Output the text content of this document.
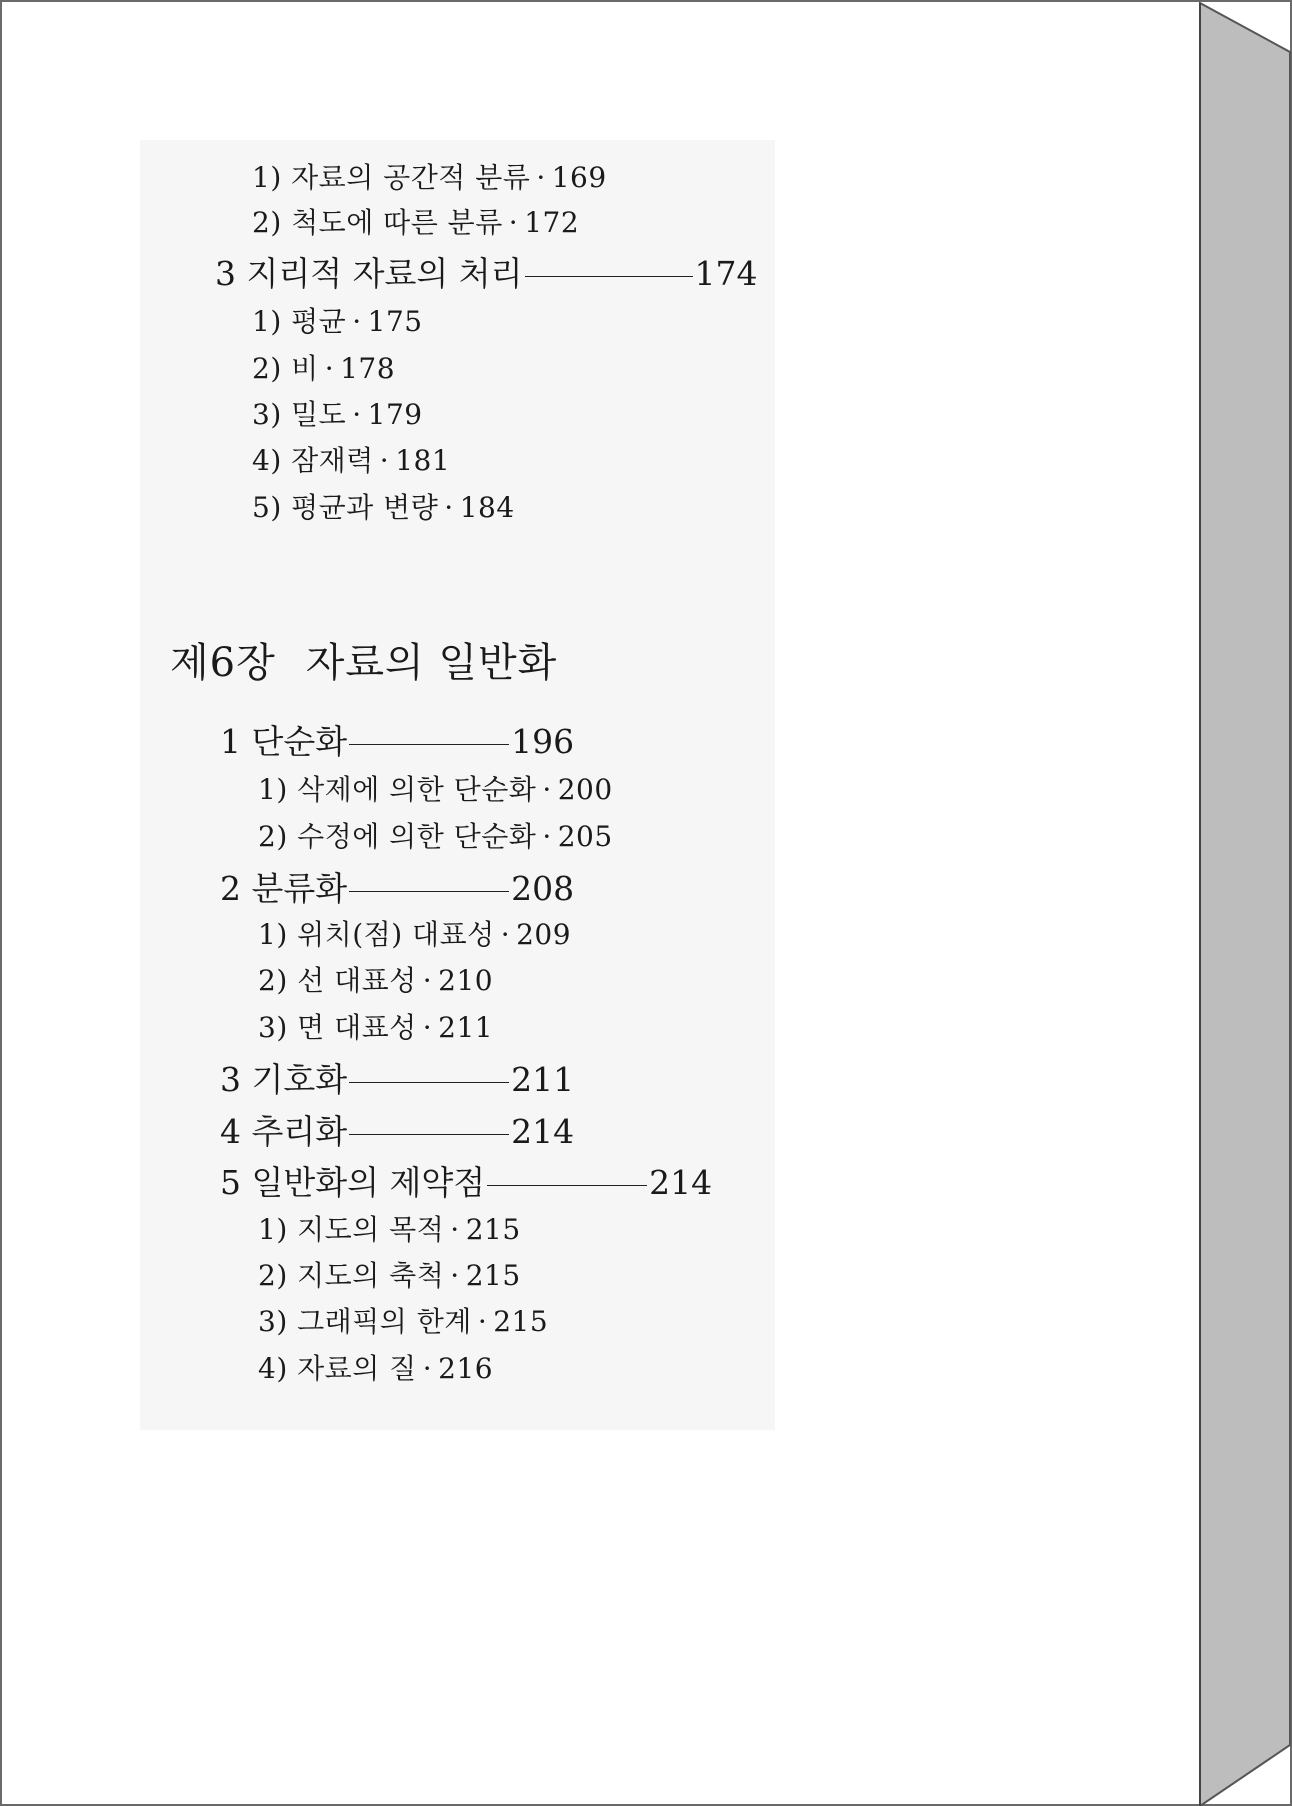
1) 자료의 공간적 분류 · 169
2) 척도에 따른 분류 · 172
3 지리적 자료의 처리	174
1) 평균 · 175
2) 비 · 178
3) 밀도 · 179
4) 잠재력 · 181
5) 평균과 변량 · 184
제6장 자료의 일반화
1 단순화	196
1) 삭제에 의한 단순화 · 200
2) 수정에 의한 단순화 · 205
2 분류화	208
1) 위치(점) 대표성 · 209
2) 선 대표성 · 210
3) 면 대표성 · 211
3 기호화	211
4 추리화	214
5 일반화의 제약점	214
1) 지도의 목적 · 215
2) 지도의 축척 · 215
3) 그래픽의 한계 · 215
4) 자료의 질 · 216
